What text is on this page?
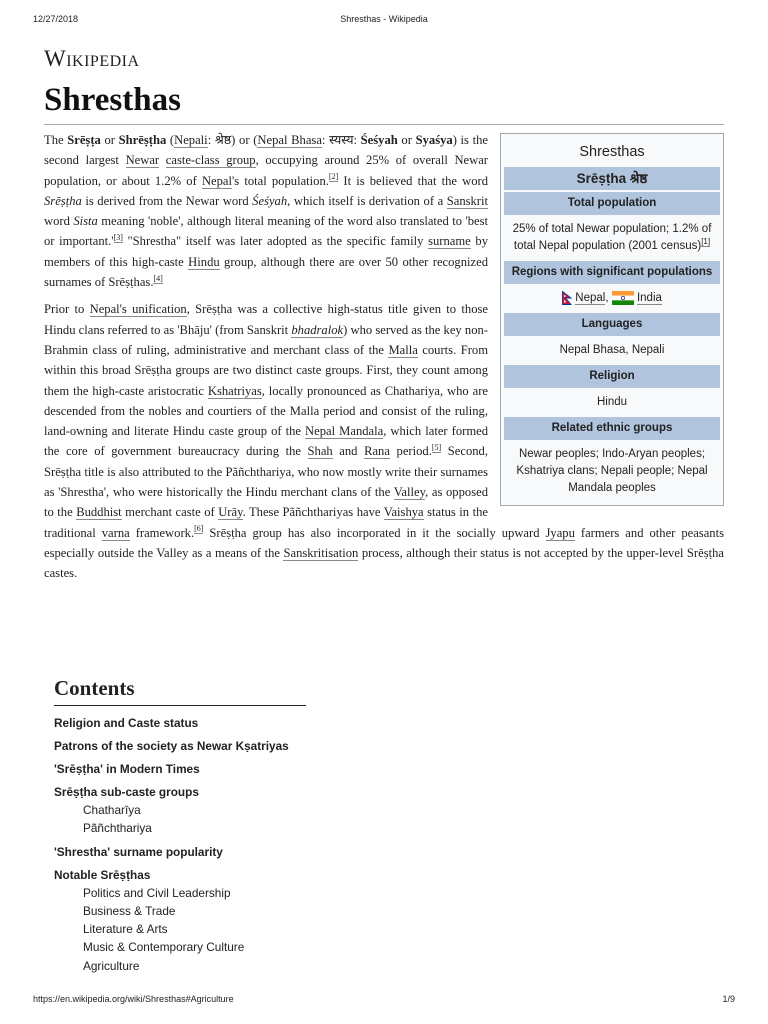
12/27/2018	Shresthas - Wikipedia
Wikipedia
Shresthas
Shresthas
Srēṣṭha श्रेष्ठ
Total population
25% of total Newar population; 1.2% of total Nepal population (2001 census)[1]
Regions with significant populations
Nepal,  India
Languages
Nepal Bhasa, Nepali
Religion
Hindu
Related ethnic groups
Newar peoples; Indo-Aryan peoples; Kshatriya clans; Nepali people; Nepal Mandala peoples

The Srēṣṭa or Shrēṣṭha (Nepali: श्रेष्ठ) or (Nepal Bhasa: स्यस्य: Śeśyah or Syaśya) is the second largest Newar caste-class group, occupying around 25% of overall Newar population, or about 1.2% of Nepal's total population.[2] It is believed that the word Srēṣṭha is derived from the Newar word Śeśyah, which itself is derivation of a Sanskrit word Sista meaning 'noble', although literal meaning of the word also translated to 'best or important.'[3] "Shrestha" itself was later adopted as the specific family surname by members of this high-caste Hindu group, although there are over 50 other recognized surnames of Srēṣṭhas.[4]

Prior to Nepal's unification, Srēṣṭha was a collective high-status title given to those Hindu clans referred to as 'Bhāju' (from Sanskrit bhadralok) who served as the key non-Brahmin class of ruling, administrative and merchant class of the Malla courts. From within this broad Srēṣṭha groups are two distinct caste groups. First, they count among them the high-caste aristocratic Kshatriyas, locally pronounced as Chathariya, who are descended from the nobles and courtiers of the Malla period and consist of the ruling, land-owning and literate Hindu caste group of the Nepal Mandala, which later formed the core of government bureaucracy during the Shah and Rana period.[5] Second, Srēṣṭha title is also attributed to the Pãñchthariya, who now mostly write their surnames as 'Shrestha', who were historically the Hindu merchant clans of the Valley, as opposed to the Buddhist merchant caste of Urāy. These Pãñchthariyas have Vaishya status in the traditional varna framework.[6] Srēṣṭha group has also incorporated in it the socially upward Jyapu farmers and other peasants especially outside the Valley as a means of the Sanskritisation process, although their status is not accepted by the upper-level Srēṣṭha castes.

Contents
Religion and Caste status
Patrons of the society as Newar Kṣatriyas
'Srēṣṭha' in Modern Times
Srēṣṭha sub-caste groups
Chatharīya
Pãñchthariya
'Shrestha' surname popularity
Notable Srēṣṭhas
Politics and Civil Leadership
Business & Trade
Literature & Arts
Music & Contemporary Culture
Agriculture
https://en.wikipedia.org/wiki/Shresthas#Agriculture	1/9
